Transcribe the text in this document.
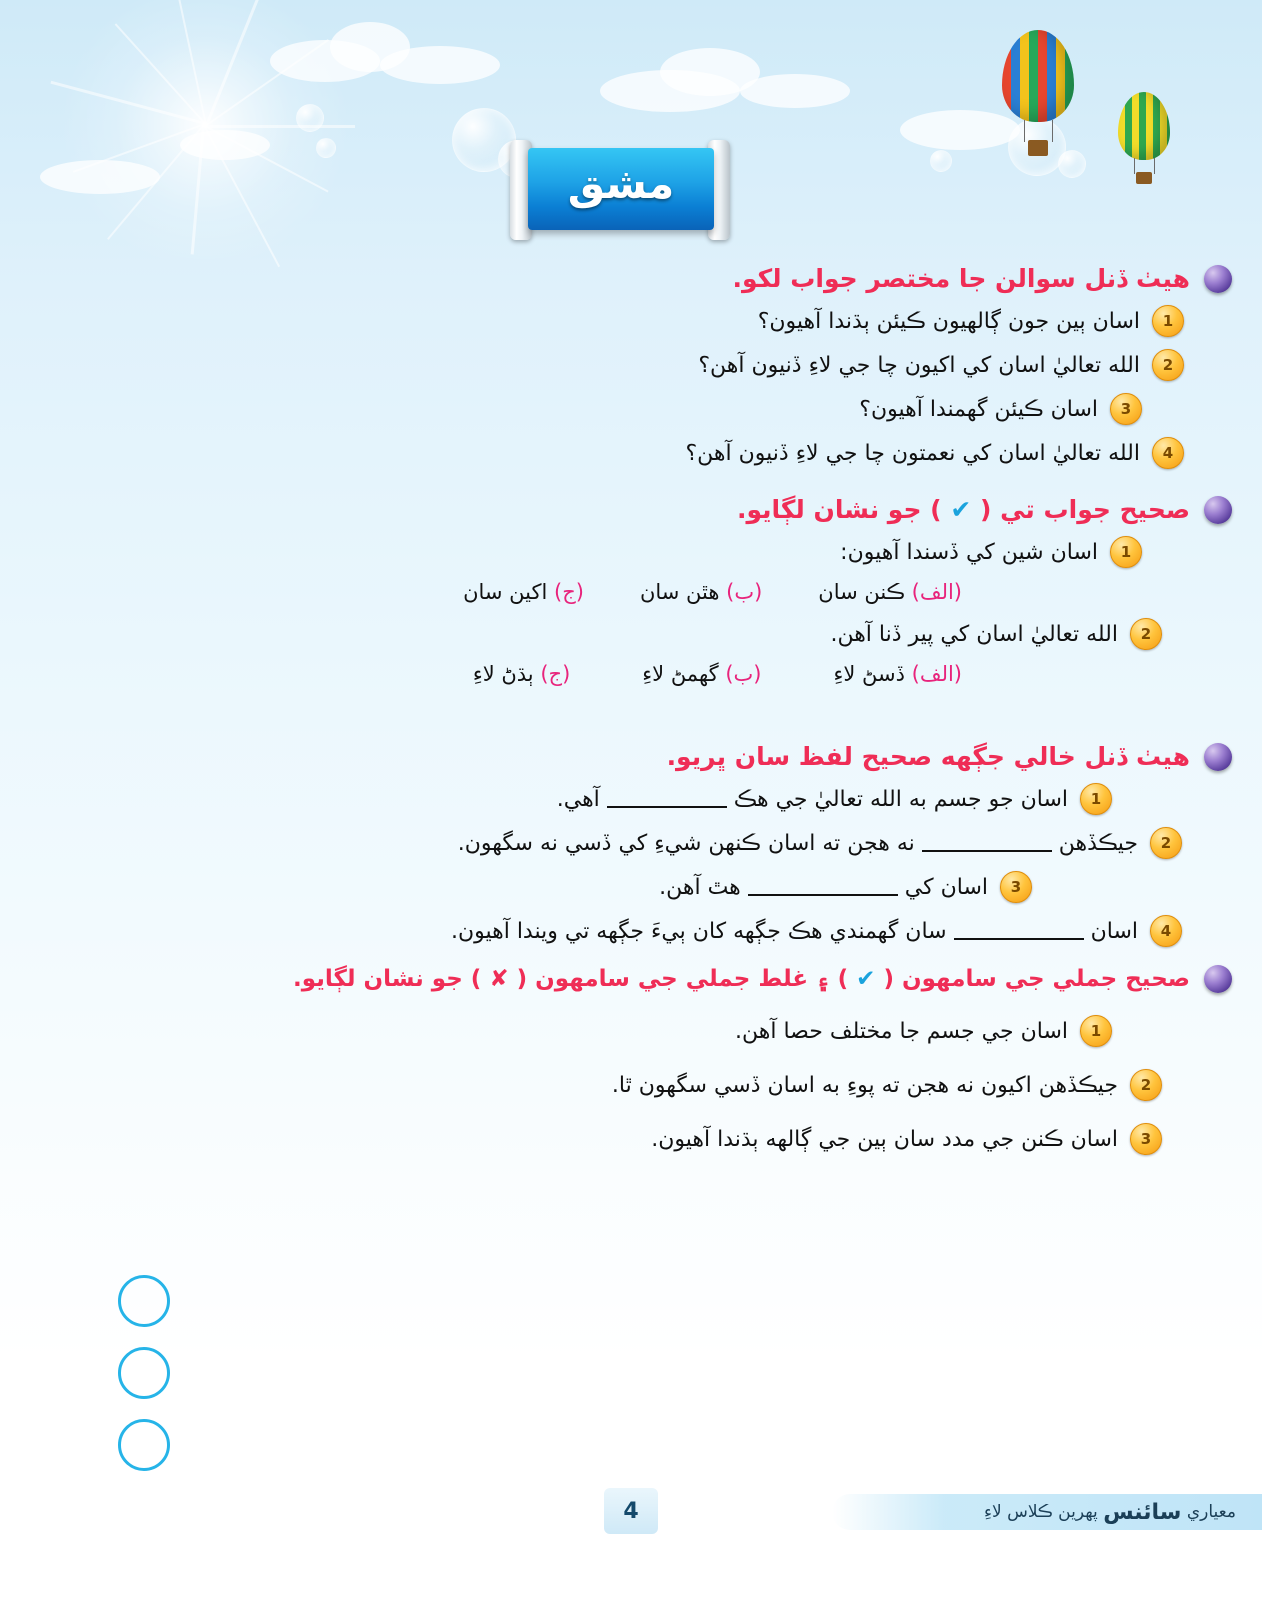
مشق
هيٺ ڏنل سوالن جا مختصر جواب لکو.
1
اسان ٻين جون ڳالهيون ڪيئن ٻڌندا آهيون؟
2
الله تعاليٰ اسان کي اکيون چا جي لاءِ ڏنيون آهن؟
3
اسان ڪيئن گهمندا آهيون؟
4
الله تعاليٰ اسان کي نعمتون چا جي لاءِ ڏنيون آهن؟
صحيح جواب تي ( ✔ ) جو نشان لڳايو.
1
اسان شين کي ڏسندا آهيون:
(الف) ڪنن سان
(ب) هٿن سان
(ج) اکين سان
2
الله تعاليٰ اسان کي پير ڏنا آهن.
(الف) ڏسڻ لاءِ
(ب) گهمڻ لاءِ
(ج) ٻڌڻ لاءِ
هيٺ ڏنل خالي جڳهه صحيح لفظ سان ڀريو.
1
اسان جو جسم به الله تعاليٰ جي هڪ  آهي.
2
جيڪڏهن  نه هجن ته اسان ڪنهن شيءِ کي ڏسي نه سگهون.
3
اسان کي  هٿ آهن.
4
اسان  سان گهمندي هڪ جڳهه کان ٻيءَ جڳهه تي ويندا آهيون.
صحيح جملي جي سامهون ( ✔ ) ۽ غلط جملي جي سامهون ( ✘ ) جو نشان لڳايو.
1
اسان جي جسم جا مختلف حصا آهن.
2
جيڪڏهن اکيون نه هجن ته پوءِ به اسان ڏسي سگهون ٿا.
3
اسان ڪنن جي مدد سان ٻين جي ڳالهه ٻڌندا آهيون.
4	معياري

سائنس

پهرين ڪلاس لاءِ
